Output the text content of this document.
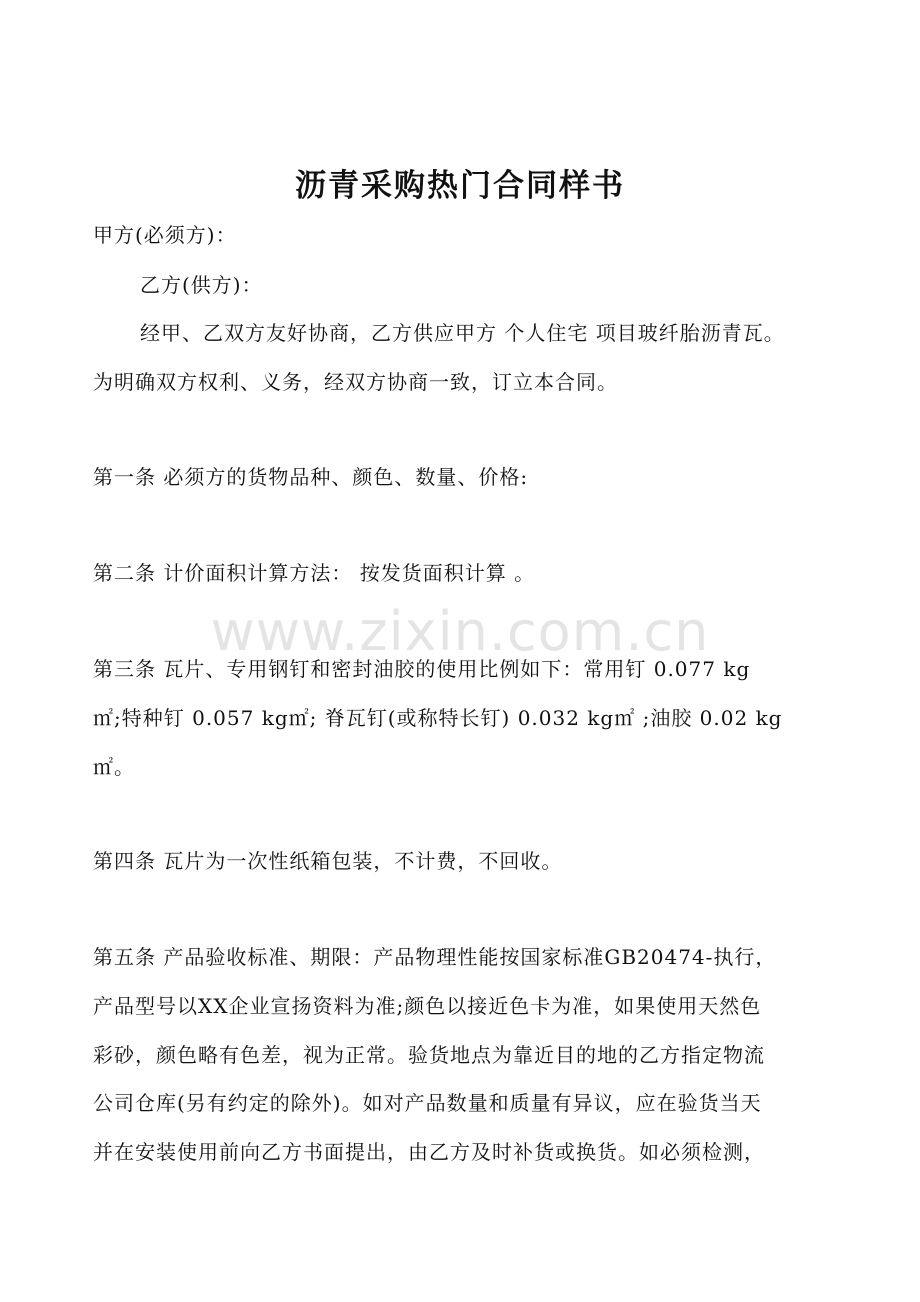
沥青采购热门合同样书
甲方(必须方)：
乙方(供方)：
经甲、乙双方友好协商，乙方供应甲方 个人住宅 项目玻纤胎沥青瓦。
为明确双方权利、义务，经双方协商一致，订立本合同。
第一条 必须方的货物品种、颜色、数量、价格:
第二条 计价面积计算方法： 按发货面积计算 。
第三条 瓦片、专用钢钉和密封油胶的使用比例如下：常用钉 0.077 kg
㎡;特种钉 0.057 kg㎡; 脊瓦钉(或称特长钉) 0.032 kg㎡ ;油胶 0.02 kg
㎡。
第四条 瓦片为一次性纸箱包装，不计费，不回收。
第五条 产品验收标准、期限：产品物理性能按国家标准GB20474-执行，
产品型号以XX企业宣扬资料为准;颜色以接近色卡为准，如果使用天然色
彩砂，颜色略有色差，视为正常。验货地点为靠近目的地的乙方指定物流
公司仓库(另有约定的除外)。如对产品数量和质量有异议，应在验货当天
并在安装使用前向乙方书面提出，由乙方及时补货或换货。如必须检测，
www.zixin.com.cn
